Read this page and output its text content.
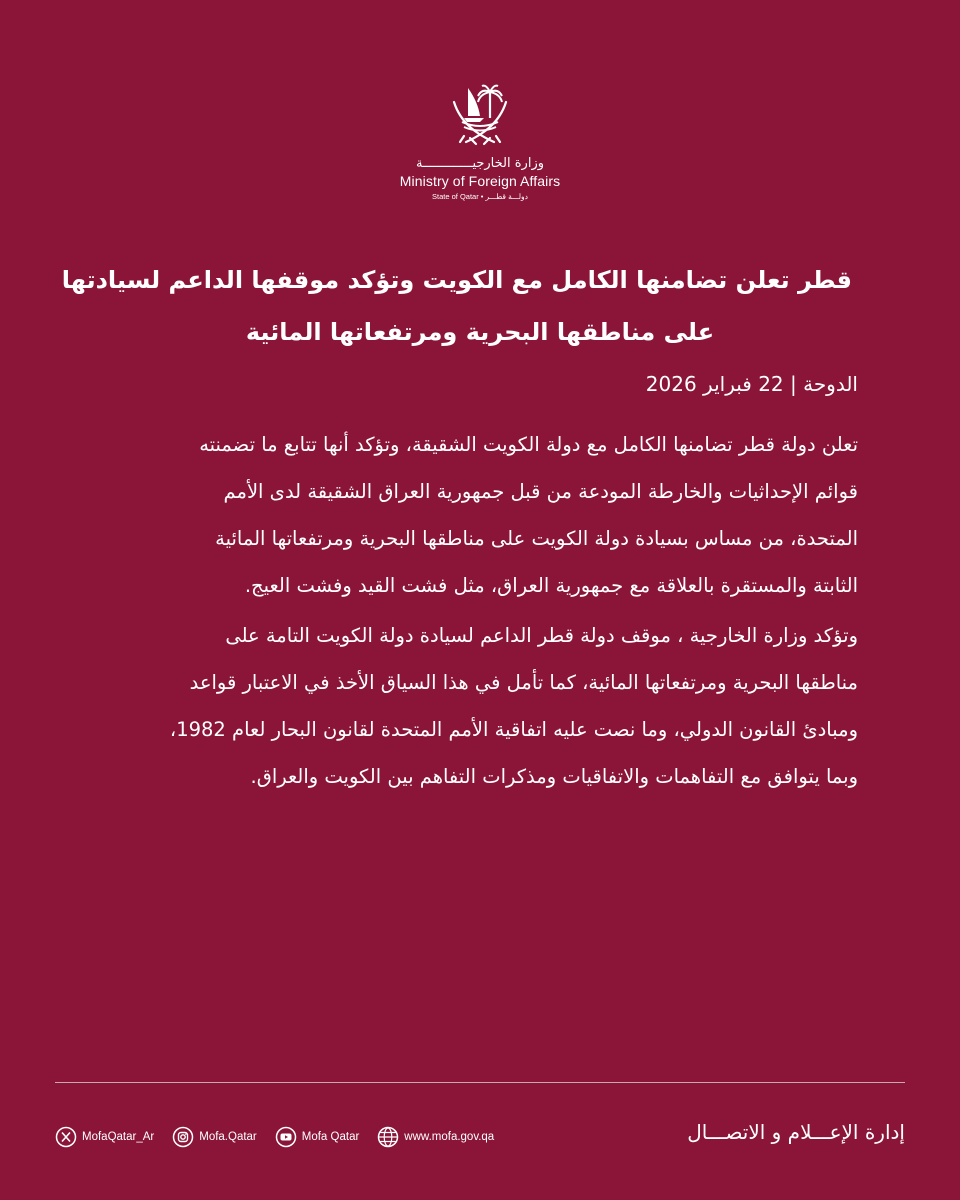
وزارة الخارجيـــــــــــــة
Ministry of Foreign Affairs
State of Qatar • دولـــة قطـــر
قطر تعلن تضامنها الكامل مع الكويت وتؤكد موقفها الداعم لسيادتها
على مناطقها البحرية ومرتفعاتها المائية
الدوحة | 22 فبراير 2026
تعلن دولة قطر تضامنها الكامل مع دولة الكويت الشقيقة، وتؤكد أنها تتابع ما تضمنته
قوائم الإحداثيات والخارطة المودعة من قبل جمهورية العراق الشقيقة لدى الأمم
المتحدة، من مساس بسيادة دولة الكويت على مناطقها البحرية ومرتفعاتها المائية
الثابتة والمستقرة بالعلاقة مع جمهورية العراق، مثل فشت القيد وفشت العيج.
وتؤكد وزارة الخارجية ، موقف دولة قطر الداعم لسيادة دولة الكويت التامة على
مناطقها البحرية ومرتفعاتها المائية، كما تأمل في هذا السياق الأخذ في الاعتبار قواعد
ومبادئ القانون الدولي، وما نصت عليه اتفاقية الأمم المتحدة لقانون البحار لعام 1982،
وبما يتوافق مع التفاهمات والاتفاقيات ومذكرات التفاهم بين الكويت والعراق.
MofaQatar_Ar	Mofa.Qatar	Mofa Qatar	www.mofa.gov.qa	إدارة الإعـــلام و الاتصـــال
